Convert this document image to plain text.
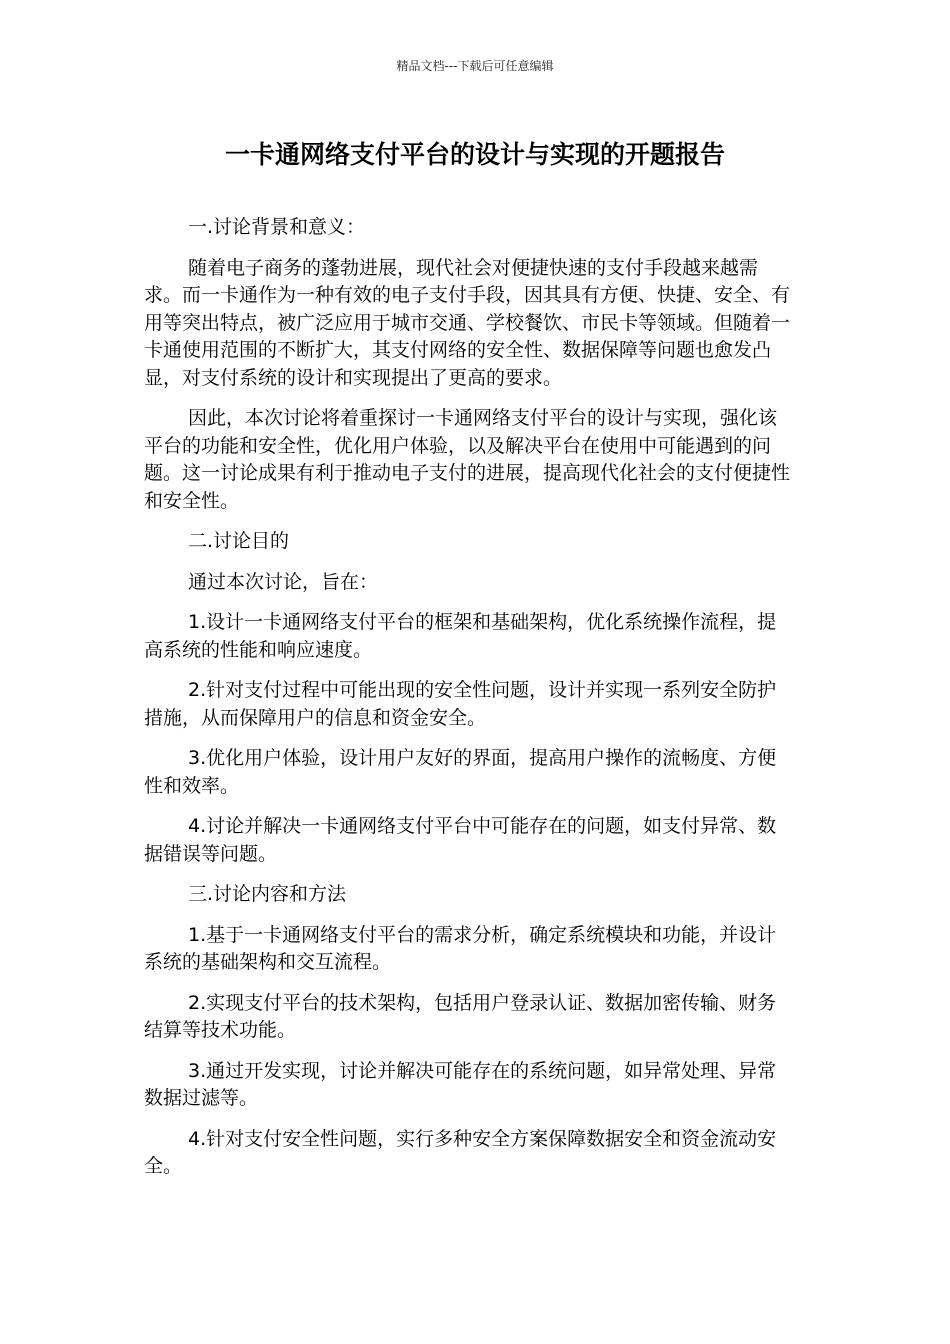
精品文档---下载后可任意编辑
一卡通网络支付平台的设计与实现的开题报告

一.讨论背景和意义：

随着电子商务的蓬勃进展，现代社会对便捷快速的支付手段越来越需求。而一卡通作为一种有效的电子支付手段，因其具有方便、快捷、安全、有用等突出特点，被广泛应用于城市交通、学校餐饮、市民卡等领域。但随着一卡通使用范围的不断扩大，其支付网络的安全性、数据保障等问题也愈发凸显，对支付系统的设计和实现提出了更高的要求。

因此，本次讨论将着重探讨一卡通网络支付平台的设计与实现，强化该平台的功能和安全性，优化用户体验，以及解决平台在使用中可能遇到的问题。这一讨论成果有利于推动电子支付的进展，提高现代化社会的支付便捷性和安全性。

二.讨论目的

通过本次讨论，旨在：

1.设计一卡通网络支付平台的框架和基础架构，优化系统操作流程，提高系统的性能和响应速度。

2.针对支付过程中可能出现的安全性问题，设计并实现一系列安全防护措施，从而保障用户的信息和资金安全。

3.优化用户体验，设计用户友好的界面，提高用户操作的流畅度、方便性和效率。

4.讨论并解决一卡通网络支付平台中可能存在的问题，如支付异常、数据错误等问题。

三.讨论内容和方法

1.基于一卡通网络支付平台的需求分析，确定系统模块和功能，并设计系统的基础架构和交互流程。

2.实现支付平台的技术架构，包括用户登录认证、数据加密传输、财务结算等技术功能。

3.通过开发实现，讨论并解决可能存在的系统问题，如异常处理、异常数据过滤等。

4.针对支付安全性问题，实行多种安全方案保障数据安全和资金流动安全。
